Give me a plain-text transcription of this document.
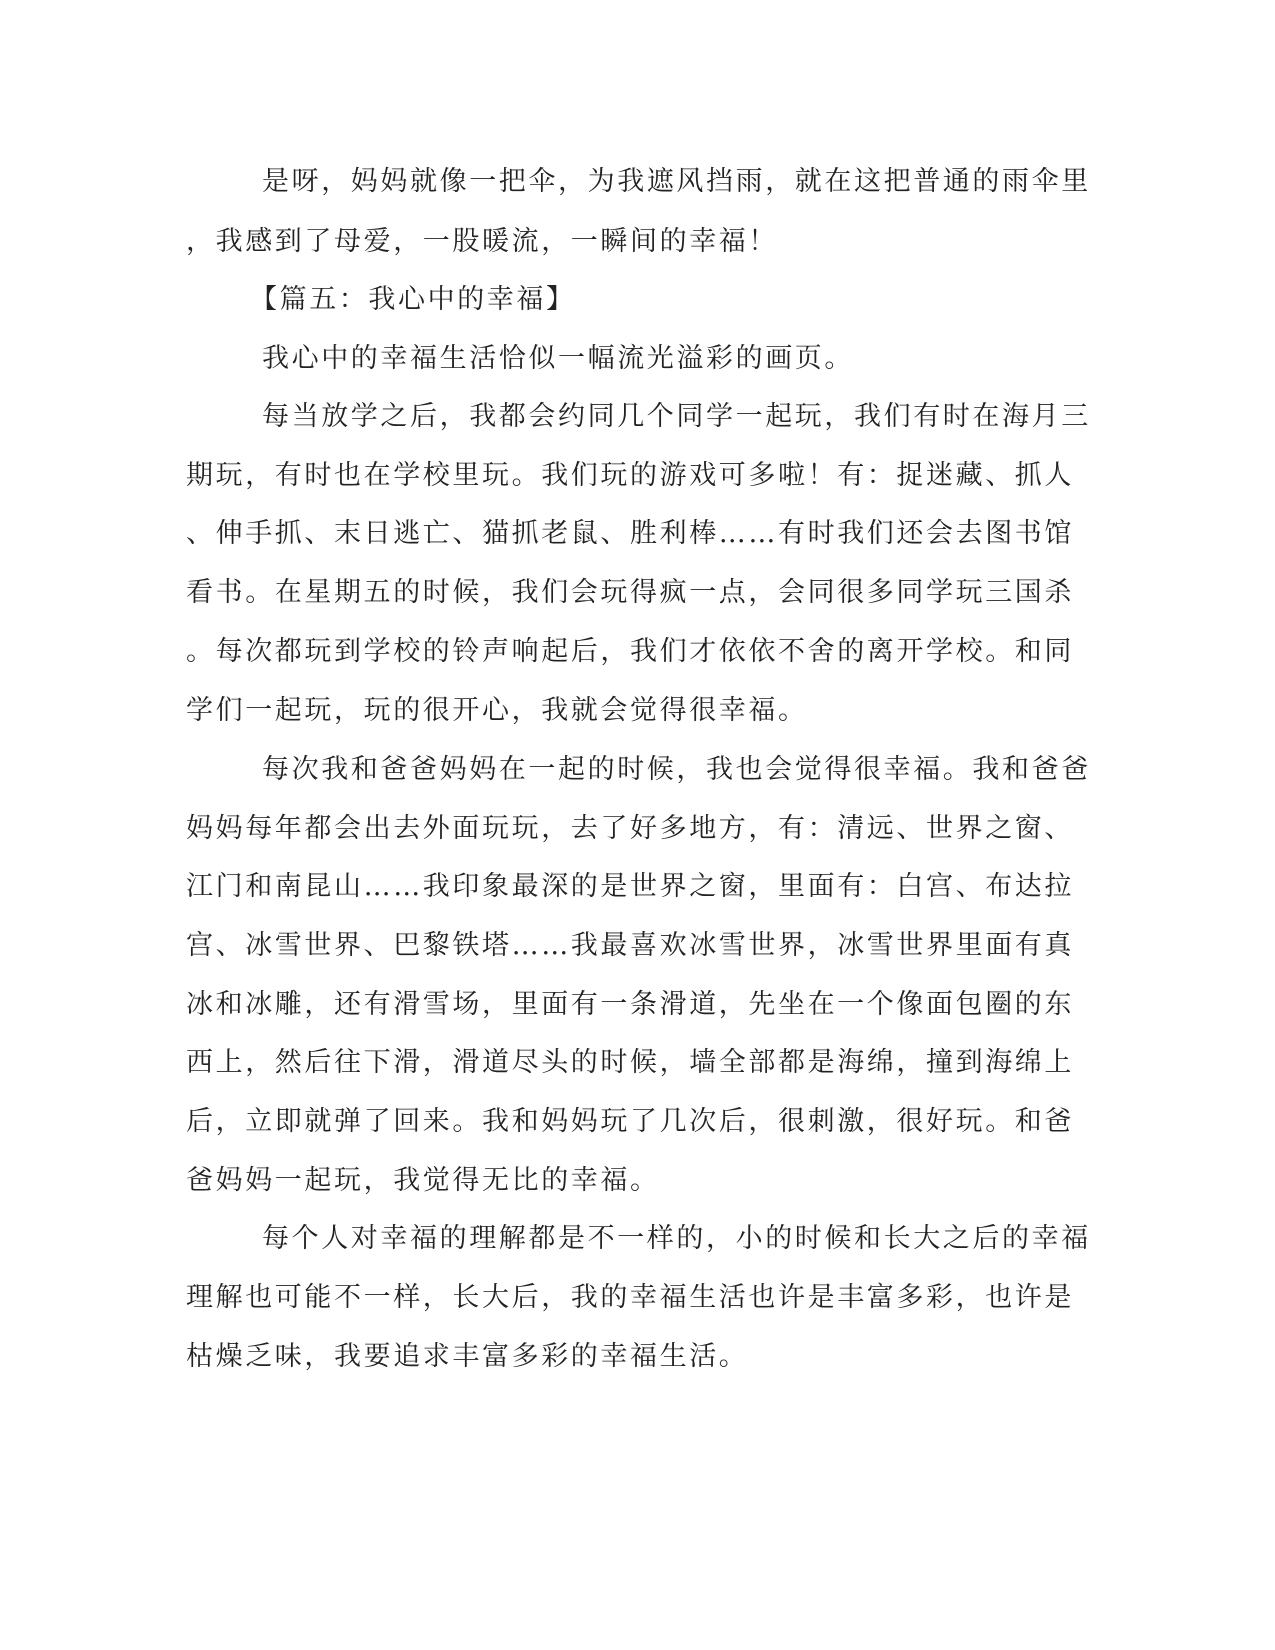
是呀，妈妈就像一把伞，为我遮风挡雨，就在这把普通的雨伞里
，我感到了母爱，一股暖流，一瞬间的幸福！
【篇五：我心中的幸福】
我心中的幸福生活恰似一幅流光溢彩的画页。
每当放学之后，我都会约同几个同学一起玩，我们有时在海月三
期玩，有时也在学校里玩。我们玩的游戏可多啦！有：捉迷藏、抓人
、伸手抓、末日逃亡、猫抓老鼠、胜利棒……有时我们还会去图书馆
看书。在星期五的时候，我们会玩得疯一点，会同很多同学玩三国杀
。每次都玩到学校的铃声响起后，我们才依依不舍的离开学校。和同
学们一起玩，玩的很开心，我就会觉得很幸福。
每次我和爸爸妈妈在一起的时候，我也会觉得很幸福。我和爸爸
妈妈每年都会出去外面玩玩，去了好多地方，有：清远、世界之窗、
江门和南昆山……我印象最深的是世界之窗，里面有：白宫、布达拉
宫、冰雪世界、巴黎铁塔……我最喜欢冰雪世界，冰雪世界里面有真
冰和冰雕，还有滑雪场，里面有一条滑道，先坐在一个像面包圈的东
西上，然后往下滑，滑道尽头的时候，墙全部都是海绵，撞到海绵上
后，立即就弹了回来。我和妈妈玩了几次后，很刺激，很好玩。和爸
爸妈妈一起玩，我觉得无比的幸福。
每个人对幸福的理解都是不一样的，小的时候和长大之后的幸福
理解也可能不一样，长大后，我的幸福生活也许是丰富多彩，也许是
枯燥乏味，我要追求丰富多彩的幸福生活。
